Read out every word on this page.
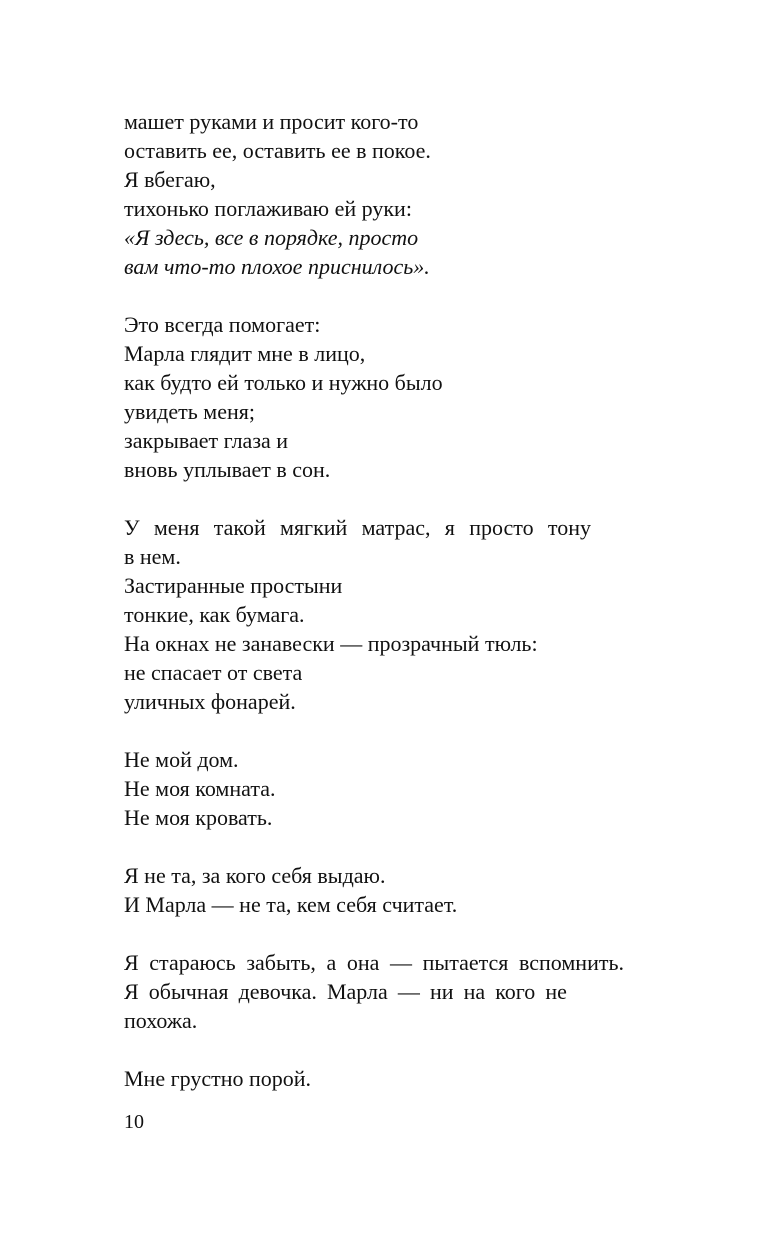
машет руками и просит кого-то
оставить ее, оставить ее в покое.
Я вбегаю,
тихонько поглаживаю ей руки:
«Я здесь, все в порядке, просто
вам что-то плохое приснилось».
Это всегда помогает:
Марла глядит мне в лицо,
как будто ей только и нужно было
увидеть меня;
закрывает глаза и
вновь уплывает в сон.
У меня такой мягкий матрас, я просто тону
в нем.
Застиранные простыни
тонкие, как бумага.
На окнах не занавески — прозрачный тюль:
не спасает от света
уличных фонарей.
Не мой дом.
Не моя комната.
Не моя кровать.
Я не та, за кого себя выдаю.
И Марла — не та, кем себя считает.
Я стараюсь забыть, а она — пытается вспомнить.
Я обычная девочка. Марла — ни на кого не
похожа.
Мне грустно порой.
10
